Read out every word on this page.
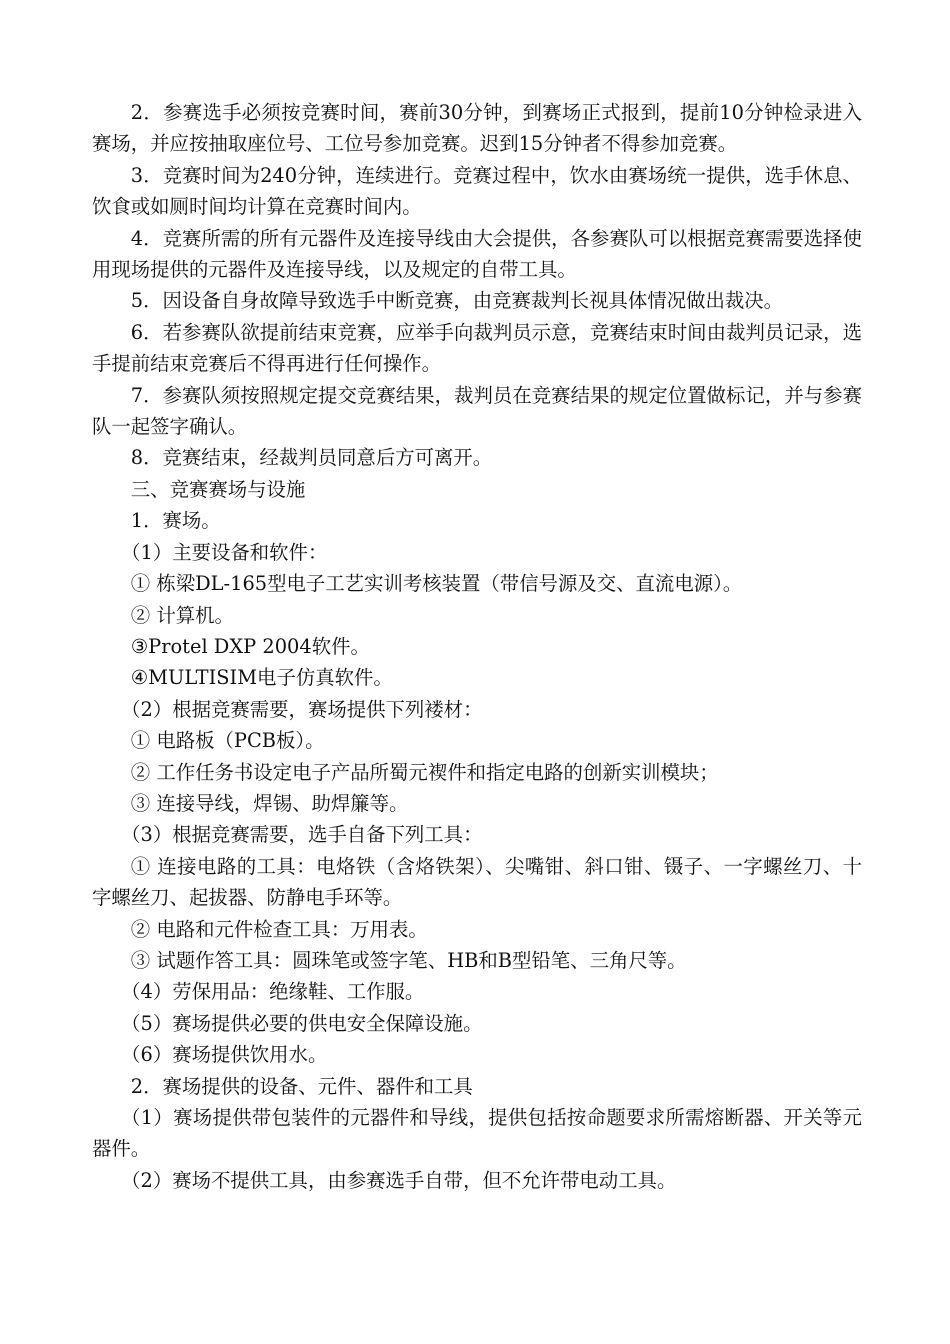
2．参赛选手必须按竞赛时间，赛前30分钟，到赛场正式报到，提前10分钟检录进入赛场，并应按抽取座位号、工位号参加竞赛。迟到15分钟者不得参加竞赛。

3．竞赛时间为240分钟，连续进行。竞赛过程中，饮水由赛场统一提供，选手休息、饮食或如厕时间均计算在竞赛时间内。

4．竞赛所需的所有元器件及连接导线由大会提供，各参赛队可以根据竞赛需要选择使用现场提供的元器件及连接导线，以及规定的自带工具。

5．因设备自身故障导致选手中断竞赛，由竞赛裁判长视具体情况做出裁决。

6．若参赛队欲提前结束竞赛，应举手向裁判员示意，竞赛结束时间由裁判员记录，选手提前结束竞赛后不得再进行任何操作。

7．参赛队须按照规定提交竞赛结果，裁判员在竞赛结果的规定位置做标记，并与参赛队一起签字确认。

8．竞赛结束，经裁判员同意后方可离开。

三、竞赛赛场与设施

1．赛场。

（1）主要设备和软件：

① 栋梁DL-165型电子工艺实训考核装置（带信号源及交、直流电源）。

② 计算机。

③Protel DXP 2004软件。

④MULTISIM电子仿真软件。

（2）根据竞赛需要，赛场提供下列褛材：

① 电路板（PCB板）。

② 工作任务书设定电子产品所蜀元褉件和指定电路的创新实训模块；

③ 连接导线，焊锡、助焊簾等。

（3）根据竞赛需要，选手自备下列工具：

① 连接电路的工具：电烙铁（含烙铁架）、尖嘴钳、斜口钳、镊子、一字螺丝刀、十字螺丝刀、起拔器、防静电手环等。

② 电路和元件检查工具：万用表。

③ 试题作答工具：圆珠笔或签字笔、HB和B型铅笔、三角尺等。

（4）劳保用品：绝缘鞋、工作服。

（5）赛场提供必要的供电安全保障设施。

（6）赛场提供饮用水。

2．赛场提供的设备、元件、器件和工具

（1）赛场提供带包装件的元器件和导线，提供包括按命题要求所需熔断器、开关等元器件。

（2）赛场不提供工具，由参赛选手自带，但不允许带电动工具。
